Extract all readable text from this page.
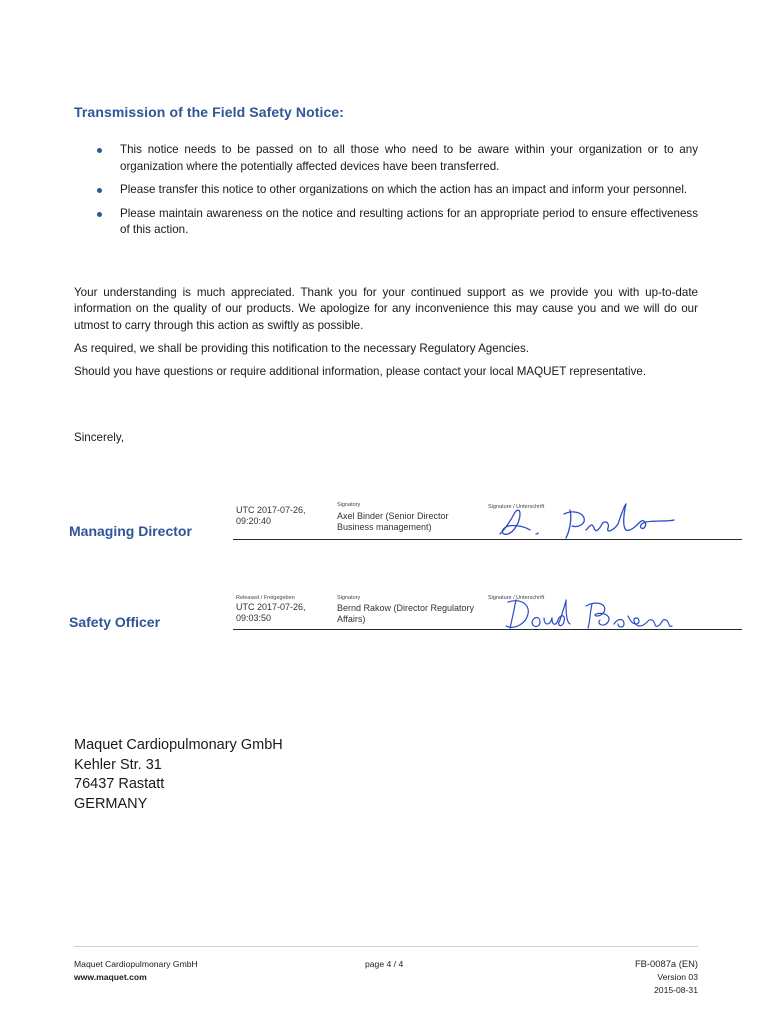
Transmission of the Field Safety Notice:
This notice needs to be passed on to all those who need to be aware within your organization or to any organization where the potentially affected devices have been transferred.
Please transfer this notice to other organizations on which the action has an impact and inform your personnel.
Please maintain awareness on the notice and resulting actions for an appropriate period to ensure effectiveness of this action.
Your understanding is much appreciated. Thank you for your continued support as we provide you with up-to-date information on the quality of our products. We apologize for any inconvenience this may cause you and we will do our utmost to carry through this action as swiftly as possible.
As required, we shall be providing this notification to the necessary Regulatory Agencies.
Should you have questions or require additional information, please contact your local MAQUET representative.
Sincerely,
Managing Director
UTC 2017-07-26, 09:20:40
Signatory
Axel Binder (Senior Director Business management)
Signature / Unterschrift
Safety Officer
Released / Freigegeben
UTC 2017-07-26, 09:03:50
Signatory
Bernd Rakow (Director Regulatory Affairs)
Signature / Unterschrift
Maquet Cardiopulmonary GmbH
Kehler Str. 31
76437 Rastatt
GERMANY
Maquet Cardiopulmonary GmbH
www.maquet.com
page 4 / 4	FB-0087a (EN)
Version 03
2015-08-31
